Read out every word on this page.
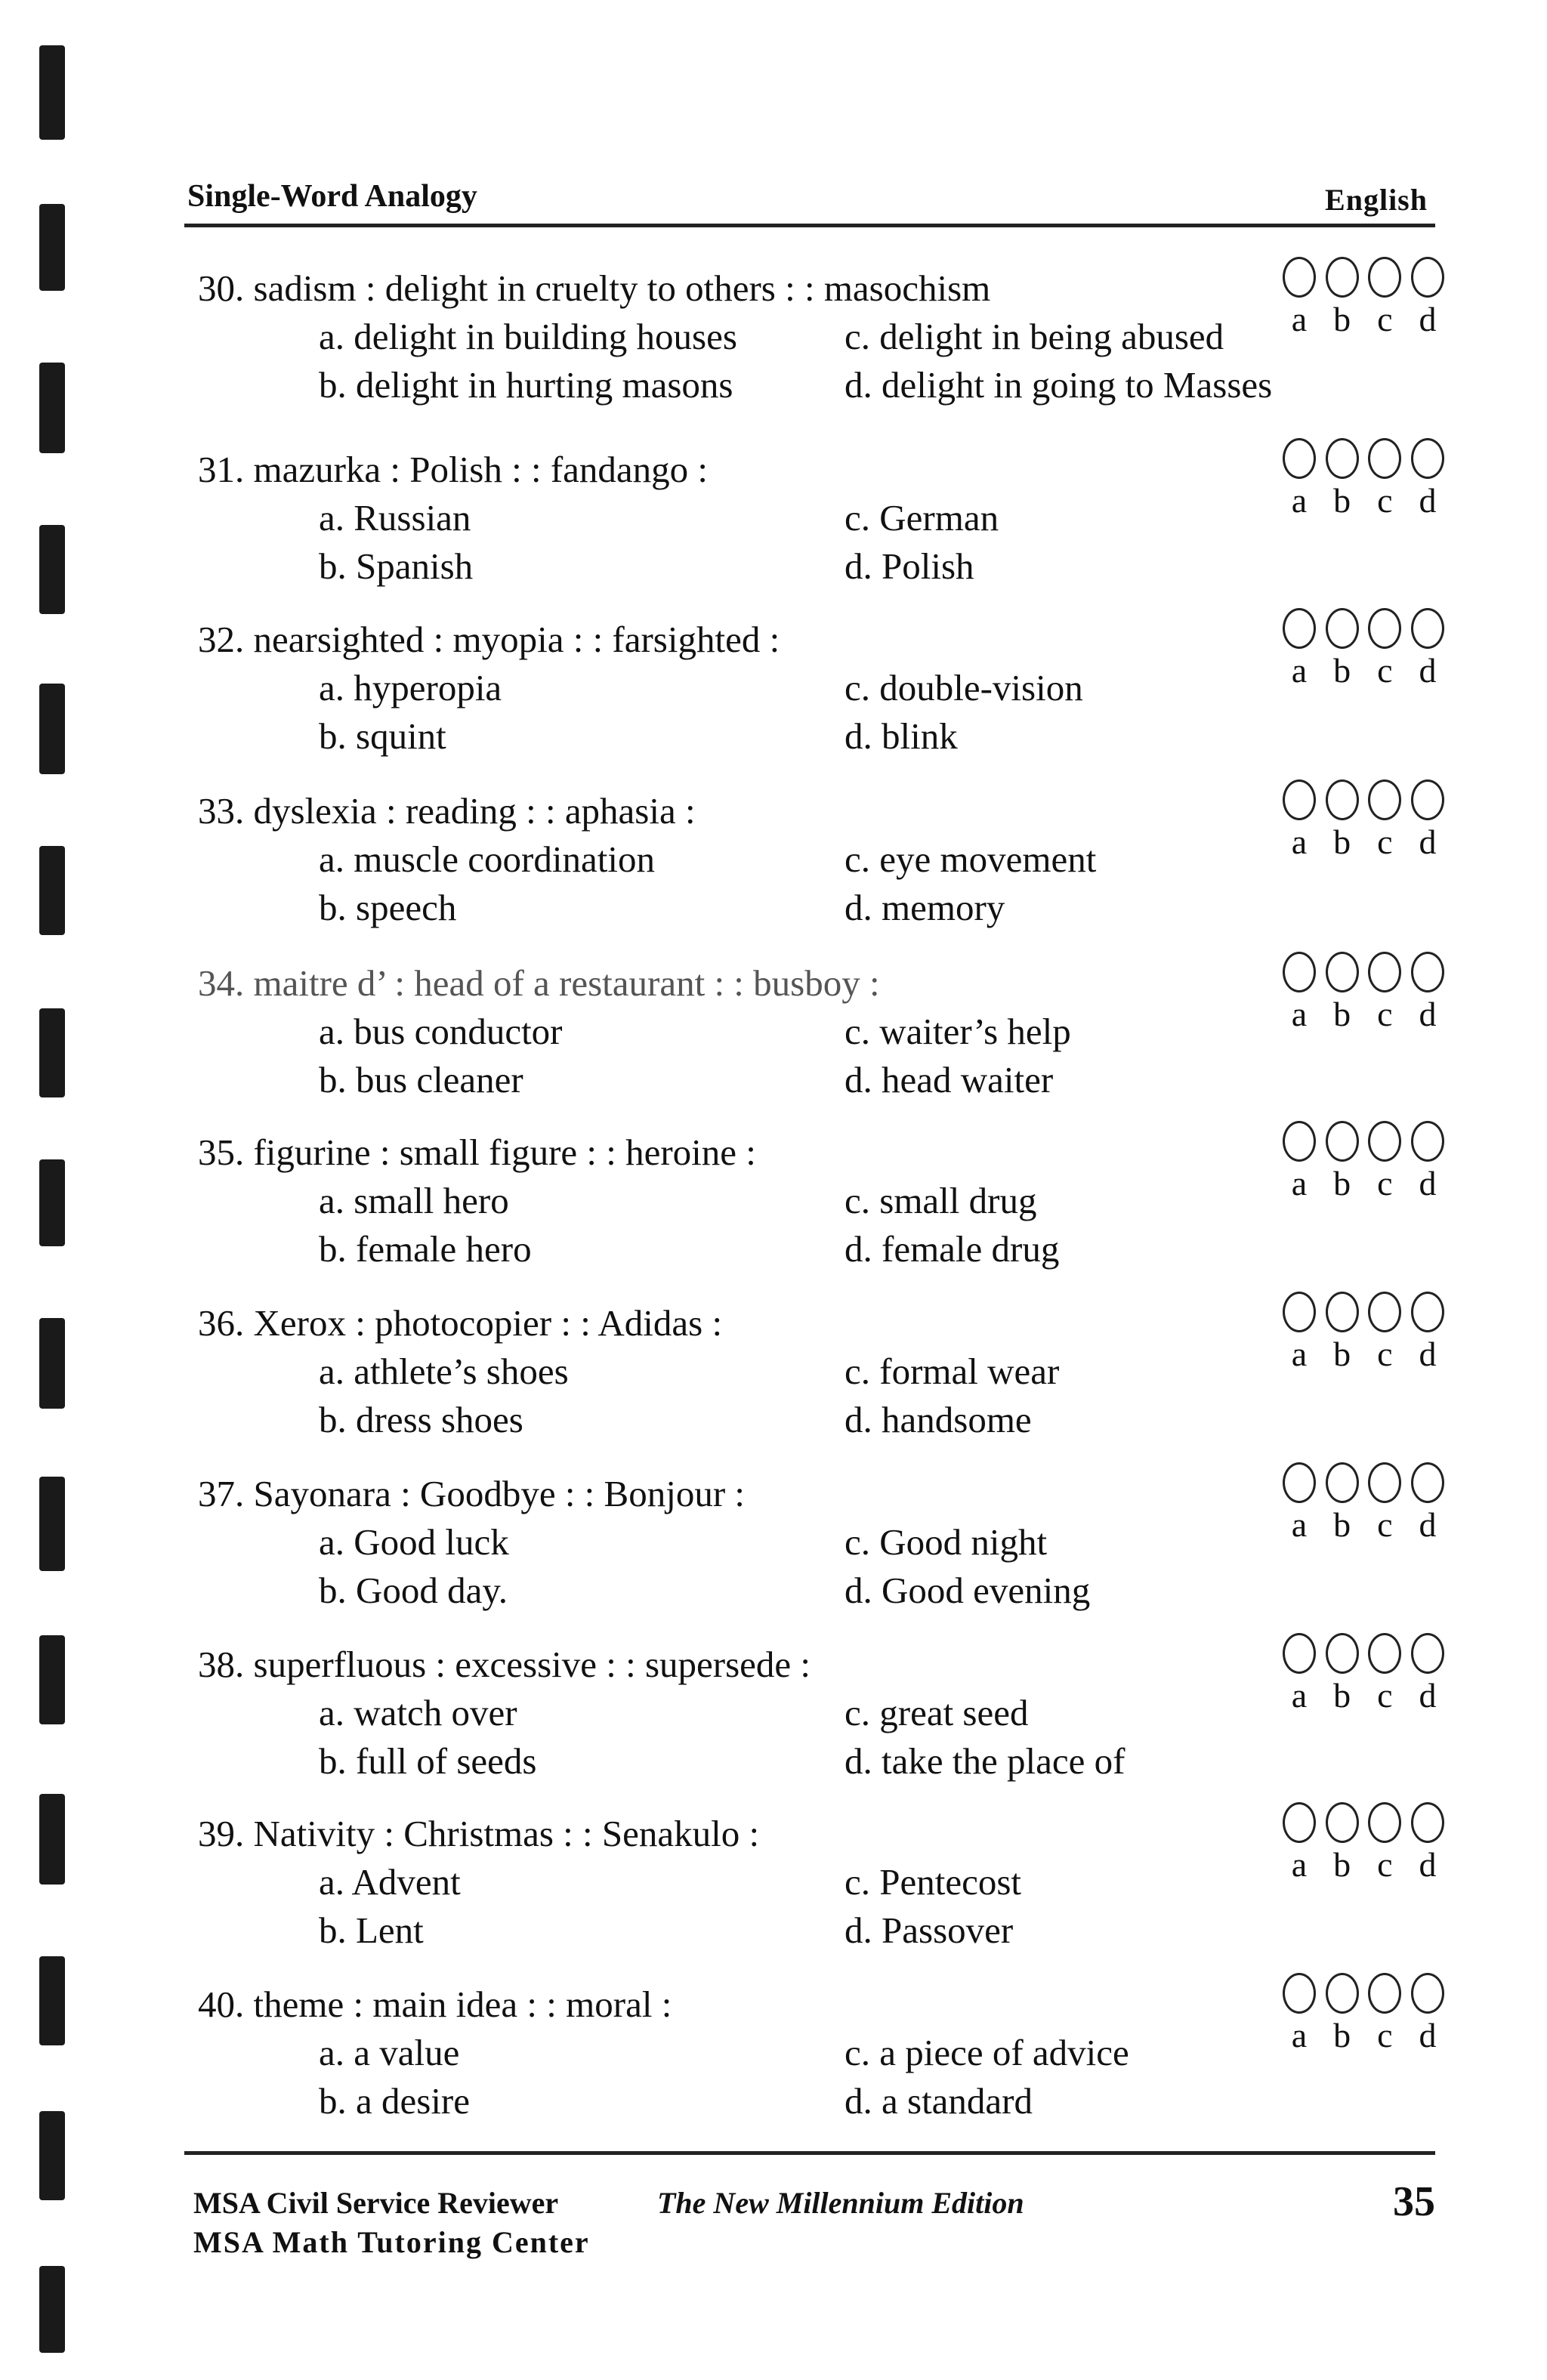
Single-Word Analogy	English
30. sadism : delight in cruelty to others : : masochism
a. delight in building houses
b. delight in hurting masons
c. delight in being abused
d. delight in going to Masses
a b c d
31. mazurka : Polish : : fandango :
a. Russian
b. Spanish
c. German
d. Polish
a b c d
32. nearsighted : myopia : : farsighted :
a. hyperopia
b. squint
c. double-vision
d. blink
a b c d
33. dyslexia : reading : : aphasia :
a. muscle coordination
b. speech
c. eye movement
d. memory
a b c d
34. maitre d’ : head of a restaurant : : busboy :
a. bus conductor
b. bus cleaner
c. waiter’s help
d. head waiter
a b c d
35. figurine : small figure : : heroine :
a. small hero
b. female hero
c. small drug
d. female drug
a b c d
36. Xerox : photocopier : : Adidas :
a. athlete’s shoes
b. dress shoes
c. formal wear
d. handsome
a b c d
37. Sayonara : Goodbye : : Bonjour :
a. Good luck
b. Good day.
c. Good night
d. Good evening
a b c d
38. superfluous : excessive : : supersede :
a. watch over
b. full of seeds
c. great seed
d. take the place of
a b c d
39. Nativity : Christmas : : Senakulo :
a. Advent
b. Lent
c. Pentecost
d. Passover
a b c d
40. theme : main idea : : moral :
a. a value
b. a desire
c. a piece of advice
d. a standard
a b c d
MSA Civil Service Reviewer	The New Millennium Edition
MSA Math Tutoring Center
35
